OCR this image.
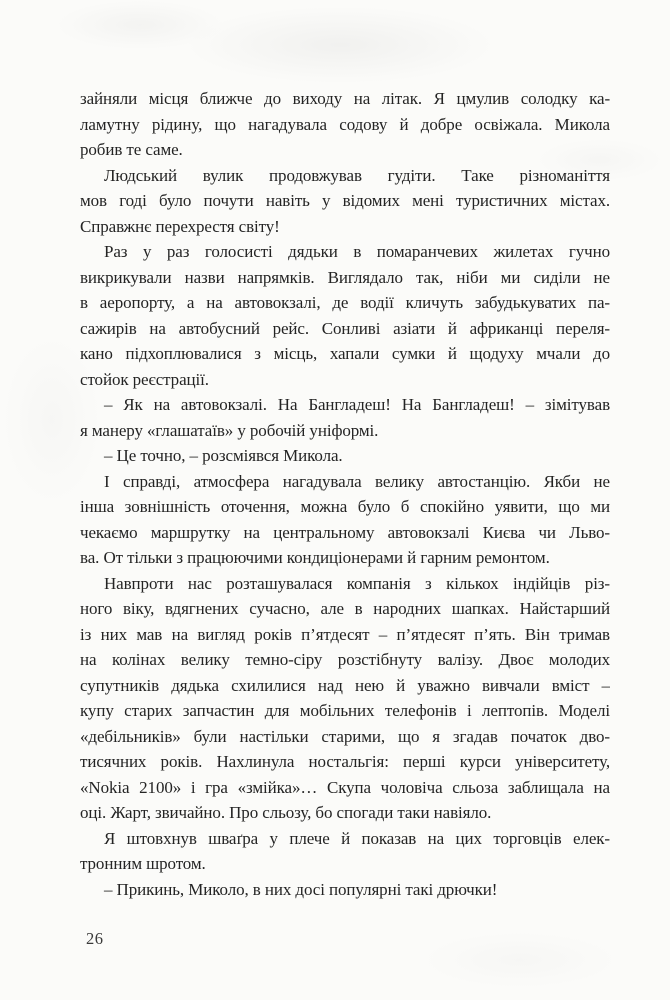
зайняли місця ближче до виходу на літак. Я цмулив солодку ка-
ламутну рідину, що нагадувала содову й добре освіжала. Микола
робив те саме.
Людський вулик продовжував гудіти. Таке різноманіття
мов годі було почути навіть у відомих мені туристичних містах.
Справжнє перехрестя світу!
Раз у раз голосисті дядьки в помаранчевих жилетах гучно
викрикували назви напрямків. Виглядало так, ніби ми сиділи не
в аеропорту, а на автовокзалі, де водії кличуть забудькуватих па-
сажирів на автобусний рейс. Сонливі азіати й африканці переля-
кано підхоплювалися з місць, хапали сумки й щодуху мчали до
стойок реєстрації.
– Як на автовокзалі. На Бангладеш! На Бангладеш! – зімітував
я манеру «глашатаїв» у робочій уніформі.
– Це точно, – розсміявся Микола.
І справді, атмосфера нагадувала велику автостанцію. Якби не
інша зовнішність оточення, можна було б спокійно уявити, що ми
чекаємо маршрутку на центральному автовокзалі Києва чи Льво-
ва. От тільки з працюючими кондиціонерами й гарним ремонтом.
Навпроти нас розташувалася компанія з кількох індійців різ-
ного віку, вдягнених сучасно, але в народних шапках. Найстарший
із них мав на вигляд років п’ятдесят – п’ятдесят п’ять. Він тримав
на колінах велику темно-сіру розстібнуту валізу. Двоє молодих
супутників дядька схилилися над нею й уважно вивчали вміст –
купу старих запчастин для мобільних телефонів і лептопів. Моделі
«дебільників» були настільки старими, що я згадав початок дво-
тисячних років. Нахлинула ностальгія: перші курси університету,
«Nokia 2100» і гра «змійка»… Скупа чоловіча сльоза заблищала на
оці. Жарт, звичайно. Про сльозу, бо спогади таки навіяло.
Я штовхнув шваґра у плече й показав на цих торговців елек-
тронним шротом.
– Прикинь, Миколо, в них досі популярні такі дрючки!
26
